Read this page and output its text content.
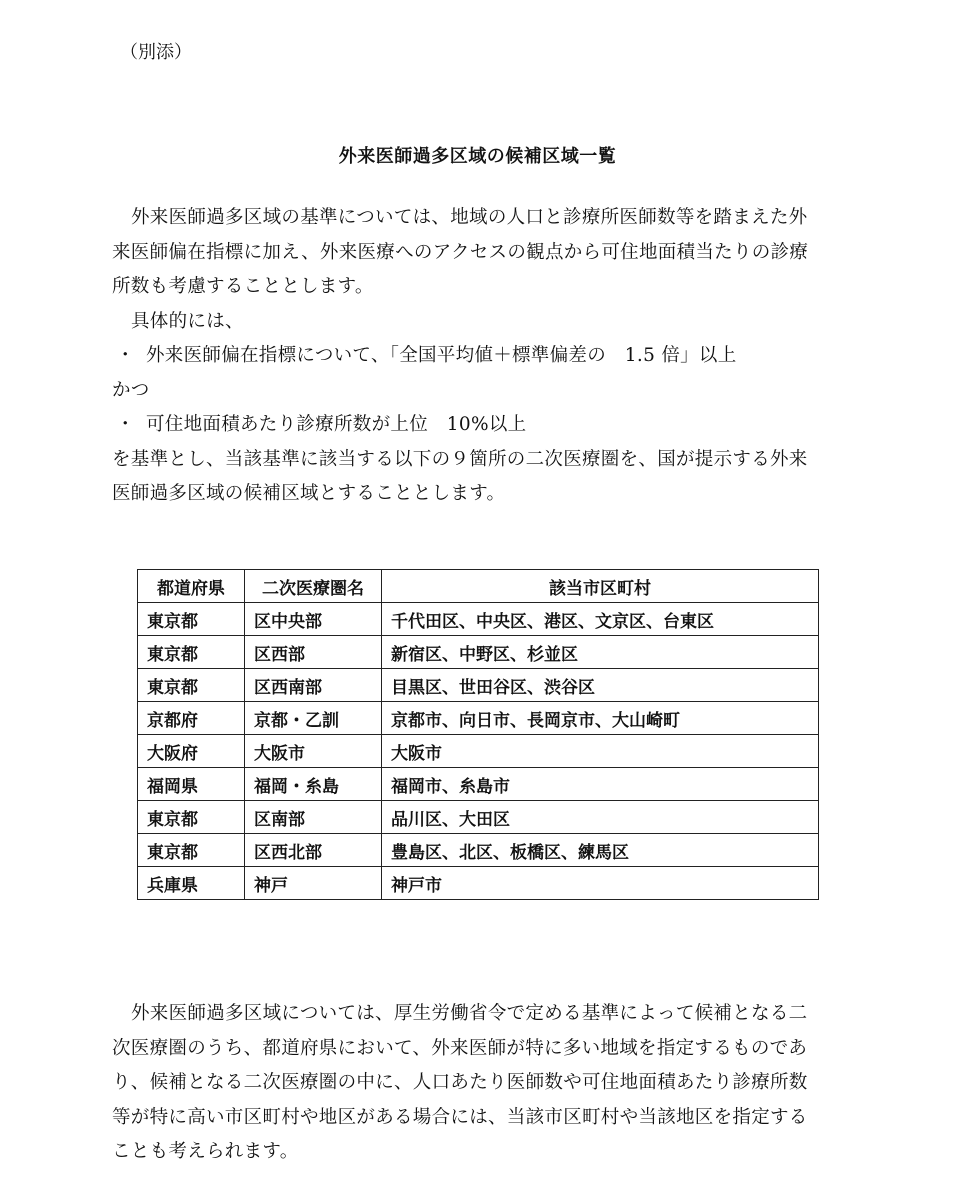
（別添）
外来医師過多区域の候補区域一覧
外来医師過多区域の基準については、地域の人口と診療所医師数等を踏まえた外
来医師偏在指標に加え、外来医療へのアクセスの観点から可住地面積当たりの診療
所数も考慮することとします。
具体的には、
・ 外来医師偏在指標について、「全国平均値＋標準偏差の　1.5 倍」以上
かつ
・ 可住地面積あたり診療所数が上位　10%以上
を基準とし、当該基準に該当する以下の９箇所の二次医療圏を、国が提示する外来
医師過多区域の候補区域とすることとします。
都道府県	二次医療圏名	該当市区町村
東京都	区中央部	千代田区、中央区、港区、文京区、台東区
東京都	区西部	新宿区、中野区、杉並区
東京都	区西南部	目黒区、世田谷区、渋谷区
京都府	京都・乙訓	京都市、向日市、長岡京市、大山崎町
大阪府	大阪市	大阪市
福岡県	福岡・糸島	福岡市、糸島市
東京都	区南部	品川区、大田区
東京都	区西北部	豊島区、北区、板橋区、練馬区
兵庫県	神戸	神戸市
外来医師過多区域については、厚生労働省令で定める基準によって候補となる二
次医療圏のうち、都道府県において、外来医師が特に多い地域を指定するものであ
り、候補となる二次医療圏の中に、人口あたり医師数や可住地面積あたり診療所数
等が特に高い市区町村や地区がある場合には、当該市区町村や当該地区を指定する
ことも考えられます。
